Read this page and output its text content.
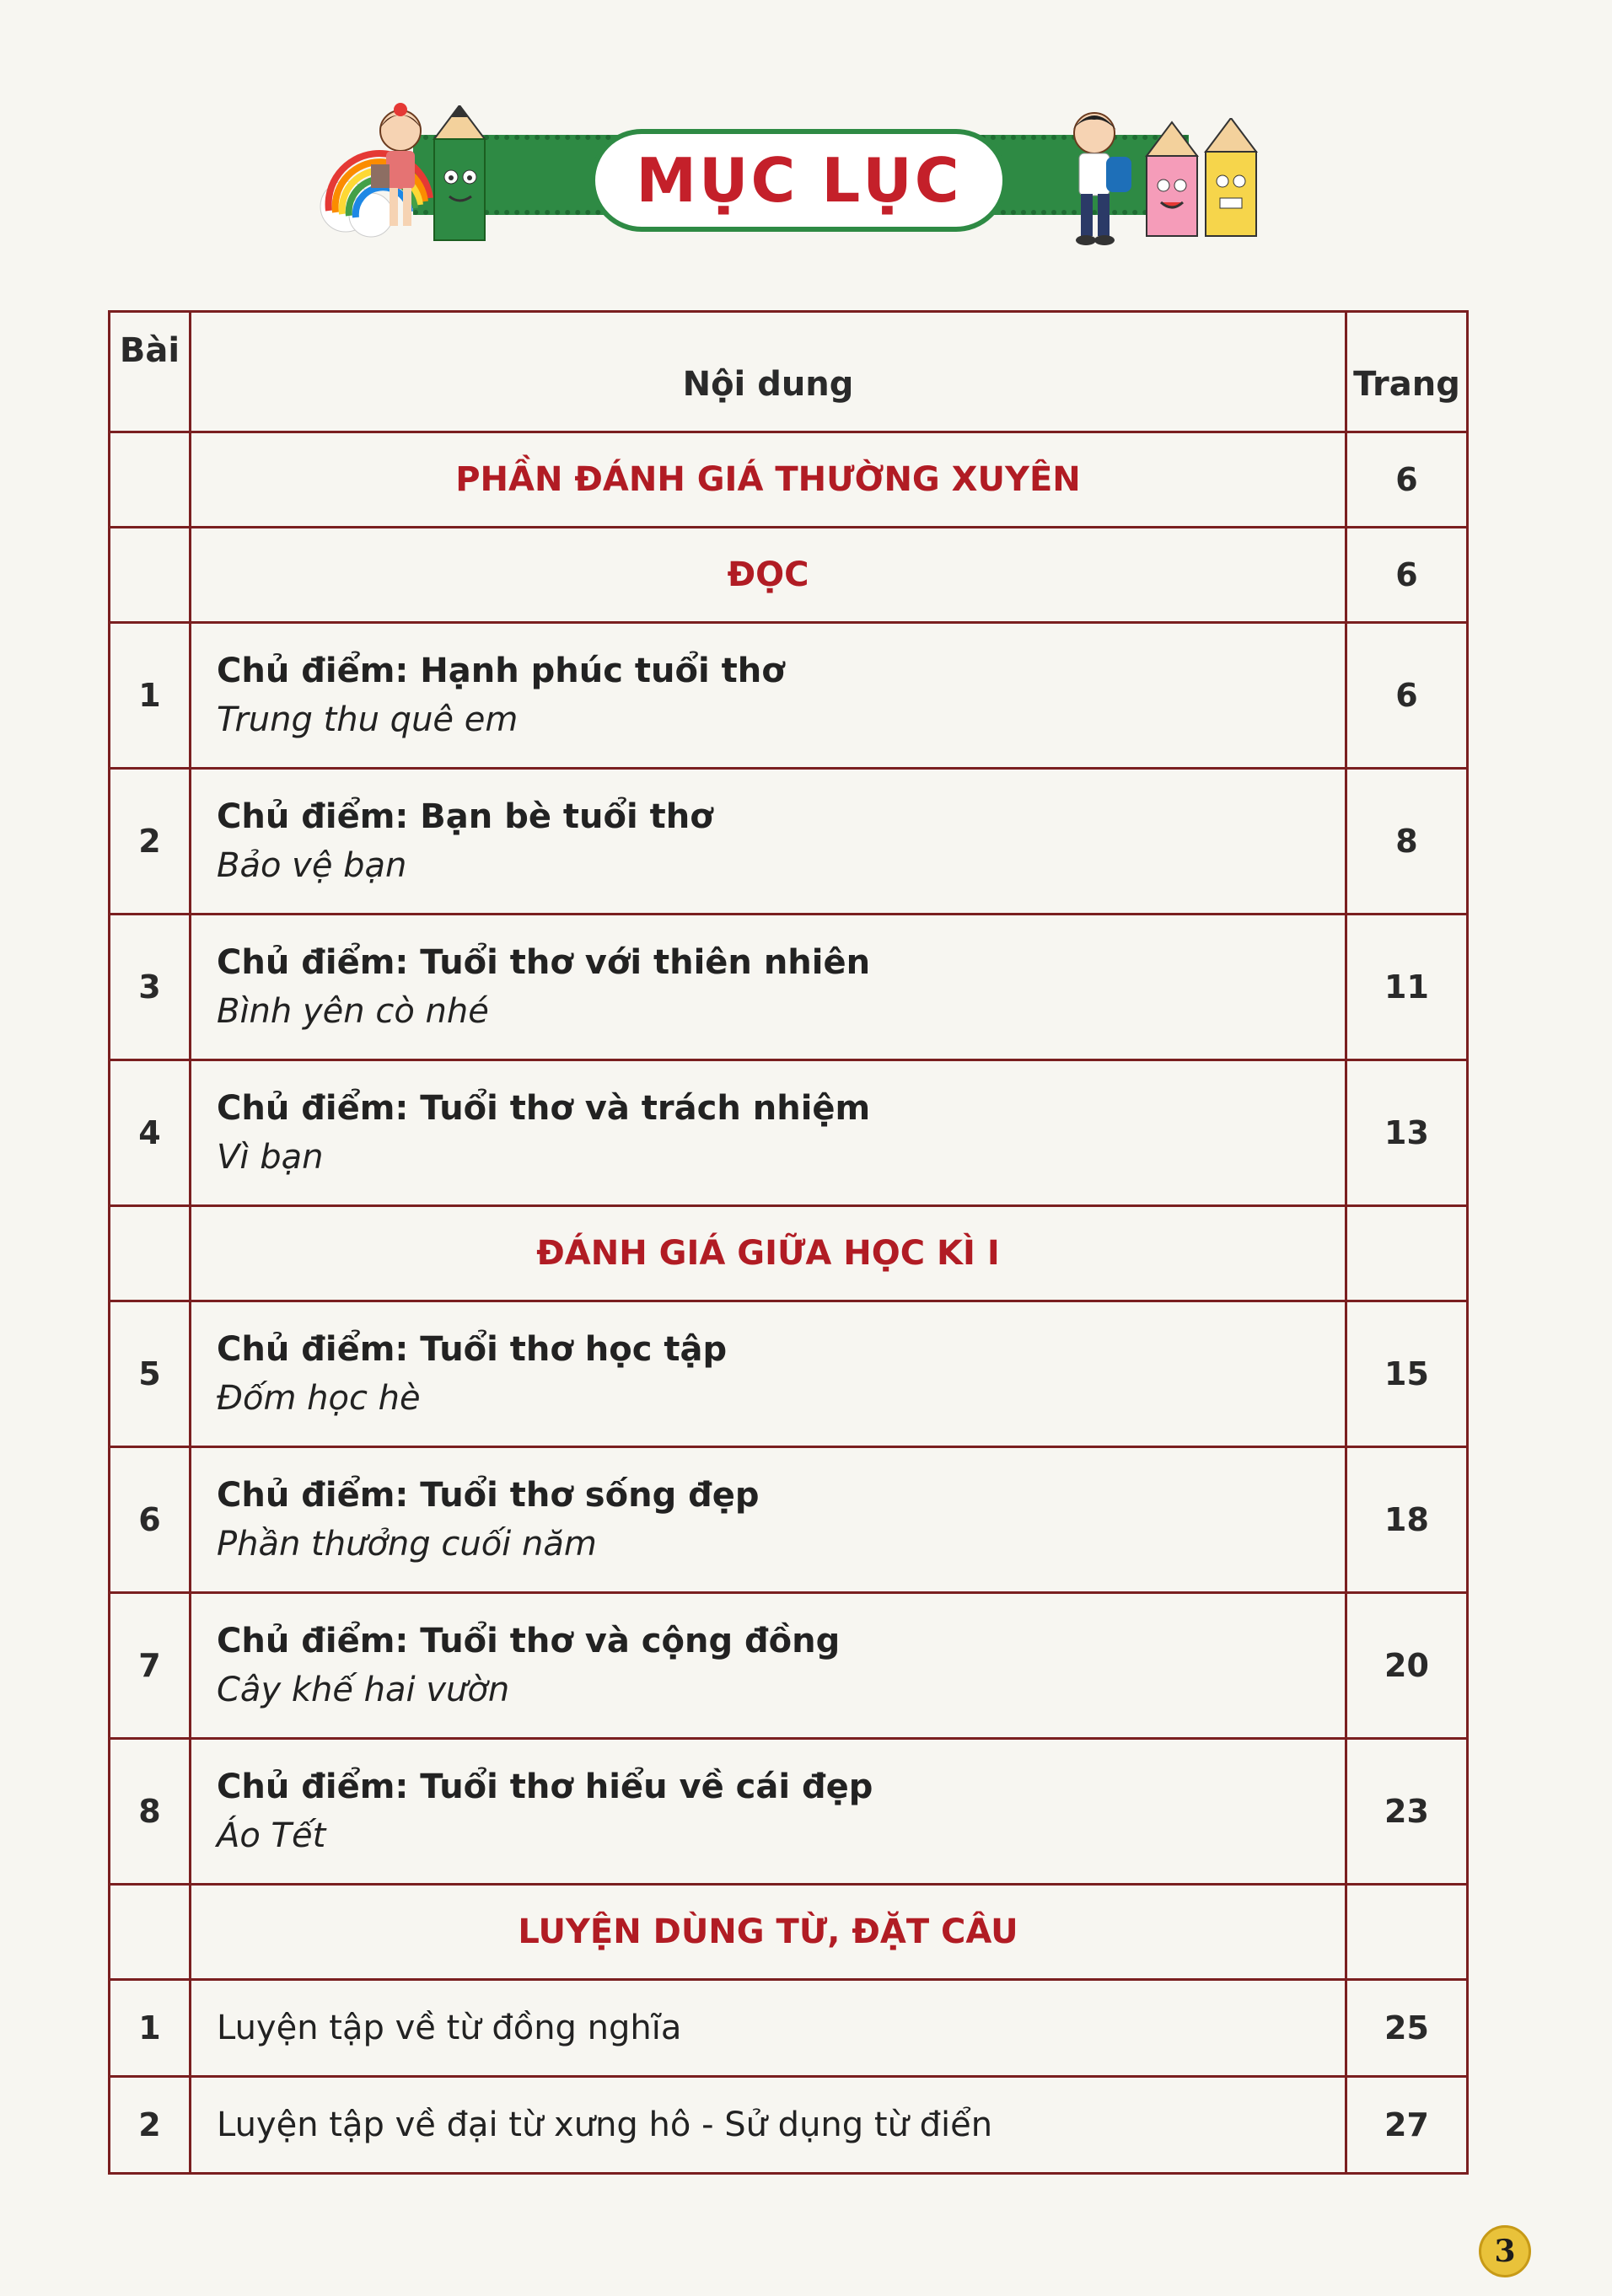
MỤC LỤC
Bài	Nội dung	Trang
	PHẦN ĐÁNH GIÁ THƯỜNG XUYÊN	6
	ĐỌC	6
1	Chủ điểm: Hạnh phúc tuổi thơ
Trung thu quê em	6
2	Chủ điểm: Bạn bè tuổi thơ
Bảo vệ bạn	8
3	Chủ điểm: Tuổi thơ với thiên nhiên
Bình yên cò nhé	11
4	Chủ điểm: Tuổi thơ và trách nhiệm
Vì bạn	13
	ĐÁNH GIÁ GIỮA HỌC KÌ I	
5	Chủ điểm: Tuổi thơ học tập
Đốm học hè	15
6	Chủ điểm: Tuổi thơ sống đẹp
Phần thưởng cuối năm	18
7	Chủ điểm: Tuổi thơ và cộng đồng
Cây khế hai vườn	20
8	Chủ điểm: Tuổi thơ hiểu về cái đẹp
Áo Tết	23
	LUYỆN DÙNG TỪ, ĐẶT CÂU	
1	Luyện tập về từ đồng nghĩa	25
2	Luyện tập về đại từ xưng hô - Sử dụng từ điển	27
3
